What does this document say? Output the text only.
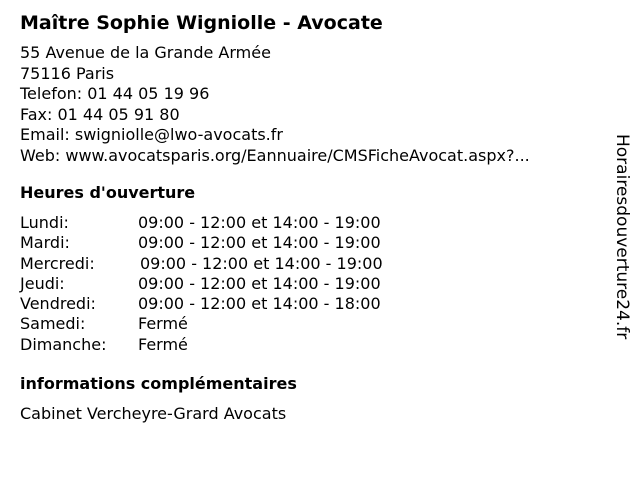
Maître Sophie Wigniolle - Avocate
55 Avenue de la Grande Armée
75116 Paris
Telefon: 01 44 05 19 96
Fax: 01 44 05 91 80
Email: swigniolle@lwo-avocats.fr
Web: www.avocatsparis.org/Eannuaire/CMSFicheAvocat.aspx?...
Heures d'ouverture
Lundi:	09:00 - 12:00 et 14:00 - 19:00
Mardi:	09:00 - 12:00 et 14:00 - 19:00
Mercredi:	09:00 - 12:00 et 14:00 - 19:00
Jeudi:	09:00 - 12:00 et 14:00 - 19:00
Vendredi:	09:00 - 12:00 et 14:00 - 18:00
Samedi:	Fermé
Dimanche: Fermé
informations complémentaires
Cabinet Vercheyre-Grard Avocats
Horairesdouverture24.fr
